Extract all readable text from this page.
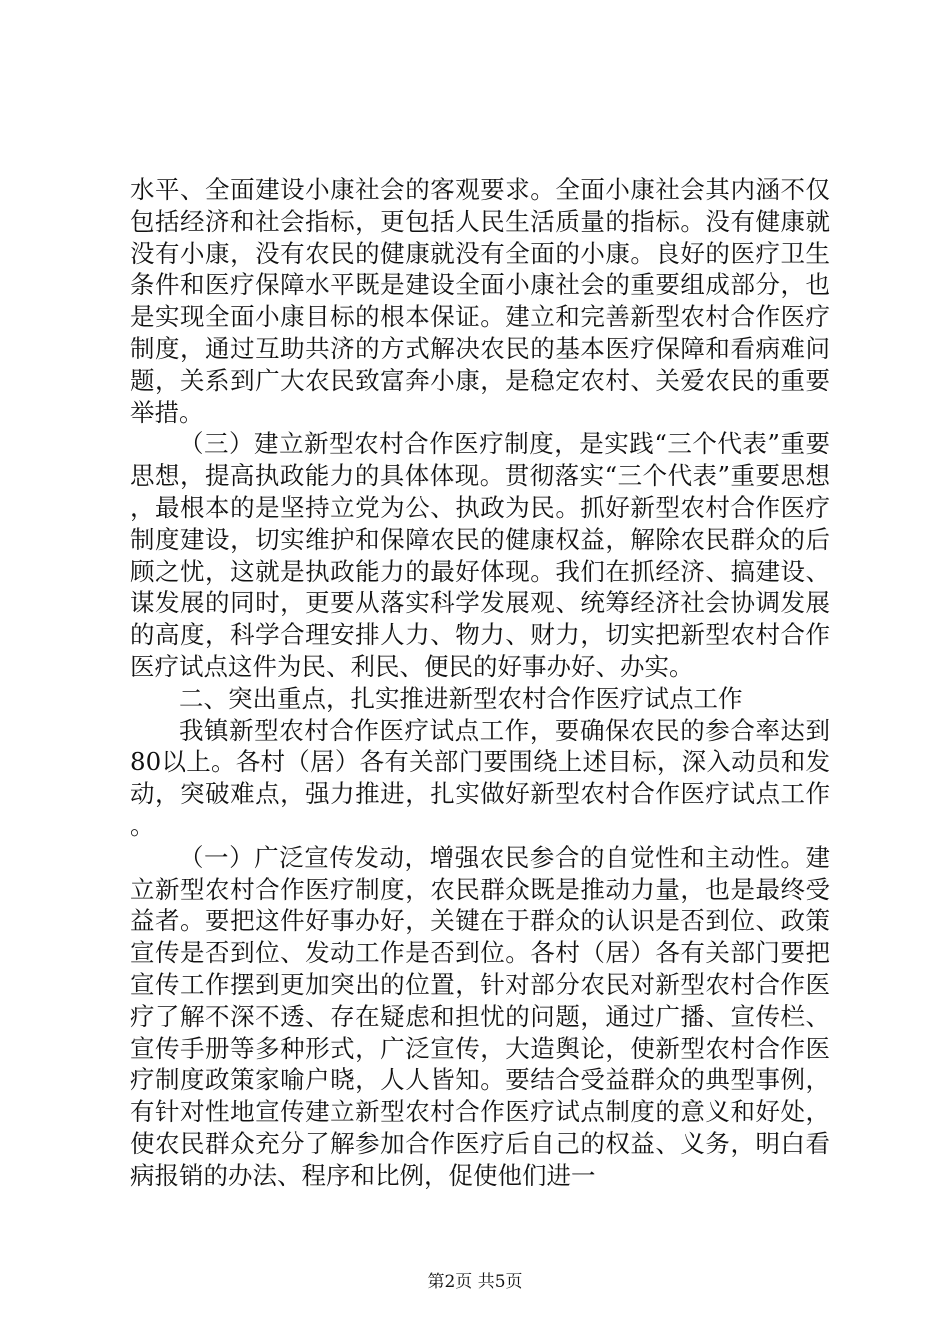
水平、全面建设小康社会的客观要求。全面小康社会其内涵不仅包括经济和社会指标，更包括人民生活质量的指标。没有健康就没有小康，没有农民的健康就没有全面的小康。良好的医疗卫生条件和医疗保障水平既是建设全面小康社会的重要组成部分，也是实现全面小康目标的根本保证。建立和完善新型农村合作医疗制度，通过互助共济的方式解决农民的基本医疗保障和看病难问题，关系到广大农民致富奔小康，是稳定农村、关爱农民的重要举措。

（三）建立新型农村合作医疗制度，是实践“三个代表”重要思想，提高执政能力的具体体现。贯彻落实“三个代表”重要思想，最根本的是坚持立党为公、执政为民。抓好新型农村合作医疗制度建设，切实维护和保障农民的健康权益，解除农民群众的后顾之忧，这就是执政能力的最好体现。我们在抓经济、搞建设、谋发展的同时，更要从落实科学发展观、统筹经济社会协调发展的高度，科学合理安排人力、物力、财力，切实把新型农村合作医疗试点这件为民、利民、便民的好事办好、办实。

二、突出重点，扎实推进新型农村合作医疗试点工作

我镇新型农村合作医疗试点工作，要确保农民的参合率达到80以上。各村（居）各有关部门要围绕上述目标，深入动员和发动，突破难点，强力推进，扎实做好新型农村合作医疗试点工作。

（一）广泛宣传发动，增强农民参合的自觉性和主动性。建立新型农村合作医疗制度，农民群众既是推动力量，也是最终受益者。要把这件好事办好，关键在于群众的认识是否到位、政策宣传是否到位、发动工作是否到位。各村（居）各有关部门要把宣传工作摆到更加突出的位置，针对部分农民对新型农村合作医疗了解不深不透、存在疑虑和担忧的问题，通过广播、宣传栏、宣传手册等多种形式，广泛宣传，大造舆论，使新型农村合作医疗制度政策家喻户晓，人人皆知。要结合受益群众的典型事例，有针对性地宣传建立新型农村合作医疗试点制度的意义和好处，使农民群众充分了解参加合作医疗后自己的权益、义务，明白看病报销的办法、程序和比例，促使他们进一

第2页 共5页
